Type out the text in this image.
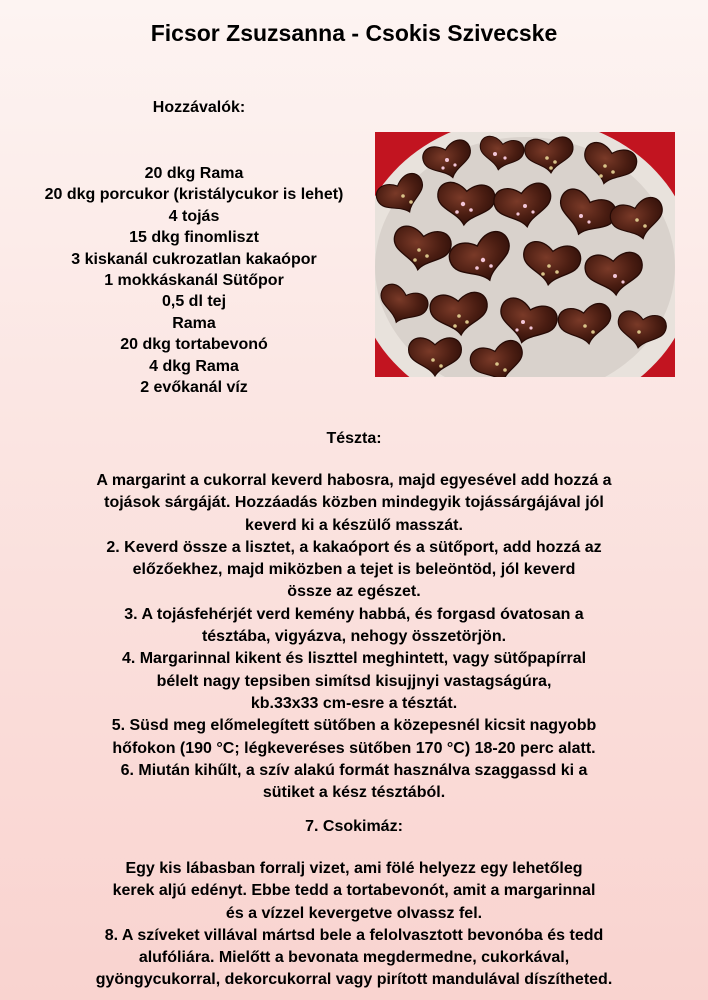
Ficsor Zsuzsanna - Csokis Szivecske
Hozzávalók:
20 dkg Rama
20 dkg porcukor (kristálycukor is lehet)
4 tojás
15 dkg finomliszt
3 kiskanál cukrozatlan kakaópor
1 mokkáskanál Sütőpor
0,5 dl tej
Rama
20 dkg tortabevonó
4 dkg Rama
2 evőkanál víz
Tészta:
A margarint a cukorral keverd habosra, majd egyesével add hozzá a
tojások sárgáját. Hozzáadás közben mindegyik tojássárgájával jól
keverd ki a készülő masszát.
2. Keverd össze a lisztet, a kakaóport és a sütőport, add hozzá az
előzőekhez, majd miközben a tejet is beleöntöd, jól keverd
össze az egészet.
3. A tojásfehérjét verd kemény habbá, és forgasd óvatosan a
tésztába, vigyázva, nehogy összetörjön.
4. Margarinnal kikent és liszttel meghintett, vagy sütőpapírral
bélelt nagy tepsiben simítsd kisujjnyi vastagságúra,
kb.33x33 cm-esre a tésztát.
5. Süsd meg előmelegített sütőben a közepesnél kicsit nagyobb
hőfokon (190 °C; légkeveréses sütőben 170 °C) 18-20 perc alatt.
6. Miután kihűlt, a szív alakú formát használva szaggassd ki a
sütiket a kész tésztából.
7. Csokimáz:
Egy kis lábasban forralj vizet, ami fölé helyezz egy lehetőleg
kerek aljú edényt. Ebbe tedd a tortabevonót, amit a margarinnal
és a vízzel kevergetve olvassz fel.
8. A szíveket villával mártsd bele a felolvasztott bevonóba és tedd
alufóliára. Mielőtt a bevonata megdermedne, cukorkával,
gyöngycukorral, dekorcukorral vagy pirított mandulával díszítheted.
